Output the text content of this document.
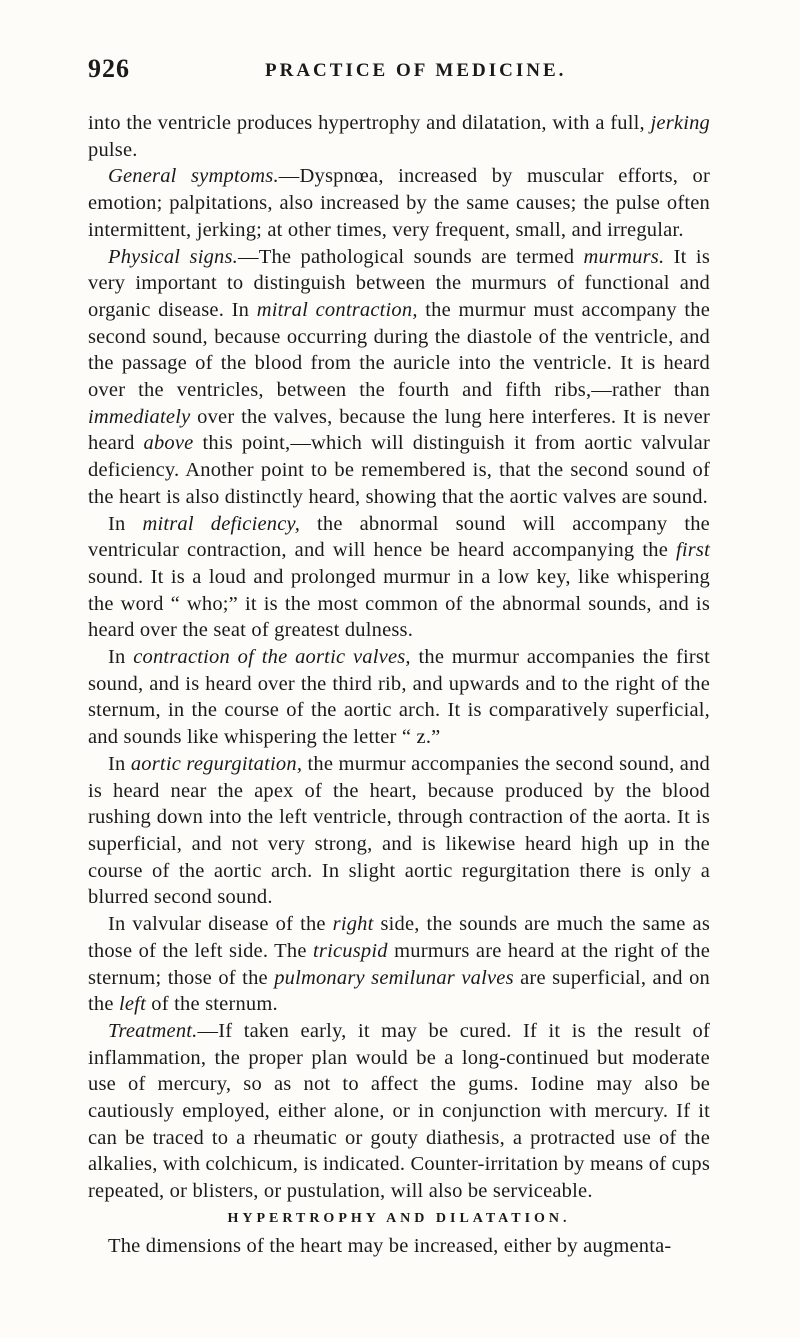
926	PRACTICE OF MEDICINE.

into the ventricle produces hypertrophy and dilatation, with a full, jerking pulse.

General symptoms.—Dyspnœa, increased by muscular efforts, or emotion; palpitations, also increased by the same causes; the pulse often intermittent, jerking; at other times, very frequent, small, and irregular.

Physical signs.—The pathological sounds are termed murmurs. It is very important to distinguish between the murmurs of functional and organic disease. In mitral contraction, the murmur must accompany the second sound, because occurring during the diastole of the ventricle, and the passage of the blood from the auricle into the ventricle. It is heard over the ventricles, between the fourth and fifth ribs,—rather than immediately over the valves, because the lung here interferes. It is never heard above this point,—which will distinguish it from aortic valvular deficiency. Another point to be remembered is, that the second sound of the heart is also distinctly heard, showing that the aortic valves are sound.

In mitral deficiency, the abnormal sound will accompany the ventricular contraction, and will hence be heard accompanying the first sound. It is a loud and prolonged murmur in a low key, like whispering the word “ who;” it is the most common of the abnormal sounds, and is heard over the seat of greatest dulness.

In contraction of the aortic valves, the murmur accompanies the first sound, and is heard over the third rib, and upwards and to the right of the sternum, in the course of the aortic arch. It is comparatively superficial, and sounds like whispering the letter “ z.”

In aortic regurgitation, the murmur accompanies the second sound, and is heard near the apex of the heart, because produced by the blood rushing down into the left ventricle, through contraction of the aorta. It is superficial, and not very strong, and is likewise heard high up in the course of the aortic arch. In slight aortic regurgitation there is only a blurred second sound.

In valvular disease of the right side, the sounds are much the same as those of the left side. The tricuspid murmurs are heard at the right of the sternum; those of the pulmonary semilunar valves are superficial, and on the left of the sternum.

Treatment.—If taken early, it may be cured. If it is the result of inflammation, the proper plan would be a long-continued but moderate use of mercury, so as not to affect the gums. Iodine may also be cautiously employed, either alone, or in conjunction with mercury. If it can be traced to a rheumatic or gouty diathesis, a protracted use of the alkalies, with colchicum, is indicated. Counter-irritation by means of cups repeated, or blisters, or pustulation, will also be serviceable.

HYPERTROPHY AND DILATATION.

The dimensions of the heart may be increased, either by augmenta-
